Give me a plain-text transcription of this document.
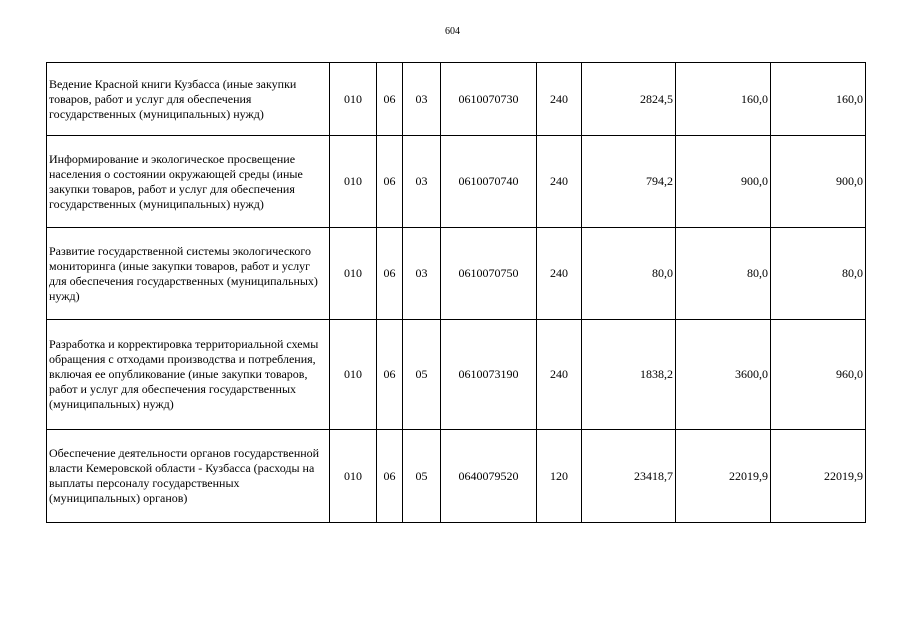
604
Ведение Красной книги Кузбасса (иные закупки товаров, работ и услуг для обеспечения государственных (муниципальных) нужд)	010	06	03	0610070730	240	2824,5	160,0	160,0
Информирование и экологическое просвещение населения о состоянии окружающей среды (иные закупки товаров, работ и услуг для обеспечения государственных (муниципальных) нужд)	010	06	03	0610070740	240	794,2	900,0	900,0
Развитие государственной системы экологического мониторинга (иные закупки товаров, работ и услуг для обеспечения государственных (муниципальных) нужд)	010	06	03	0610070750	240	80,0	80,0	80,0
Разработка и корректировка территориальной схемы обращения с отходами производства и потребления, включая ее опубликование (иные закупки товаров, работ и услуг для обеспечения государственных (муниципальных) нужд)	010	06	05	0610073190	240	1838,2	3600,0	960,0
Обеспечение деятельности органов государственной власти Кемеровской области - Кузбасса (расходы на выплаты персоналу государственных (муниципальных) органов)	010	06	05	0640079520	120	23418,7	22019,9	22019,9
